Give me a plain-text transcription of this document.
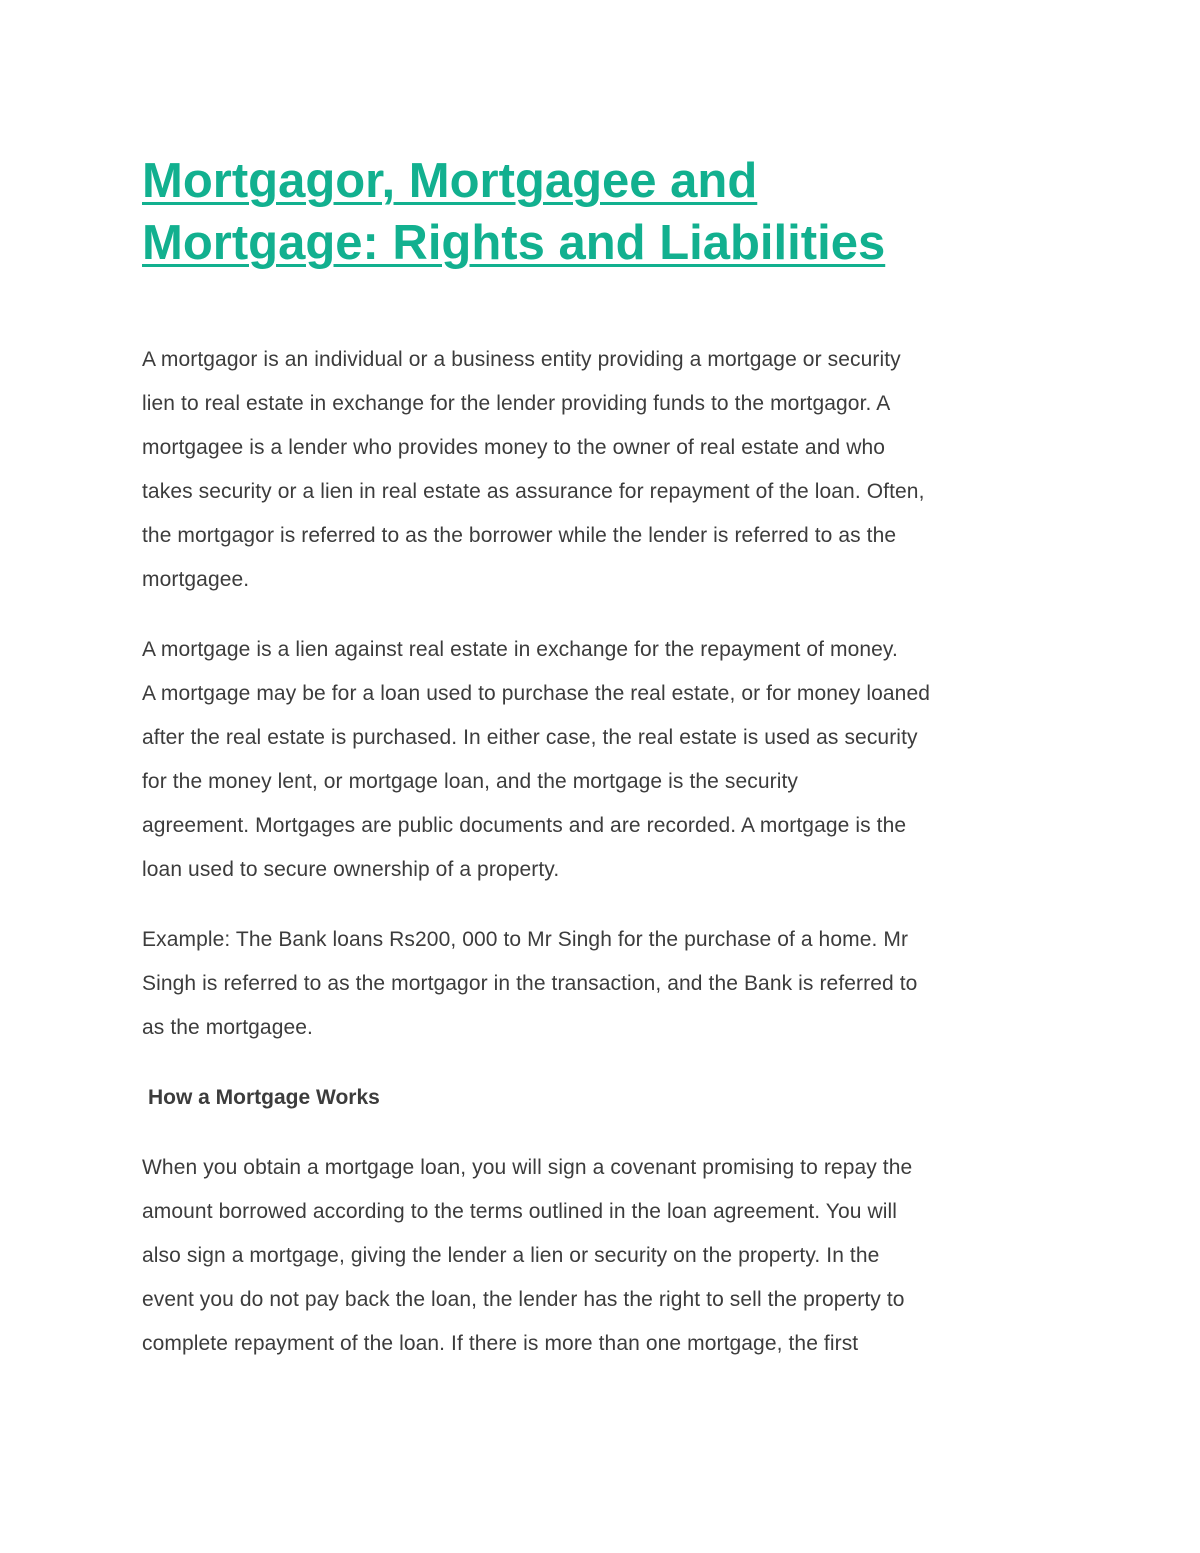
Mortgagor, Mortgagee and
Mortgage: Rights and Liabilities

A mortgagor is an individual or a business entity providing a mortgage or security
lien to real estate in exchange for the lender providing funds to the mortgagor. A
mortgagee is a lender who provides money to the owner of real estate and who
takes security or a lien in real estate as assurance for repayment of the loan. Often,
the mortgagor is referred to as the borrower while the lender is referred to as the
mortgagee.

A mortgage is a lien against real estate in exchange for the repayment of money.
A mortgage may be for a loan used to purchase the real estate, or for money loaned
after the real estate is purchased. In either case, the real estate is used as security
for the money lent, or mortgage loan, and the mortgage is the security
agreement. Mortgages are public documents and are recorded. A mortgage is the
loan used to secure ownership of a property.

Example: The Bank loans Rs200, 000 to Mr Singh for the purchase of a home. Mr
Singh is referred to as the mortgagor in the transaction, and the Bank is referred to
as the mortgagee.

How a Mortgage Works

When you obtain a mortgage loan, you will sign a covenant promising to repay the
amount borrowed according to the terms outlined in the loan agreement. You will
also sign a mortgage, giving the lender a lien or security on the property. In the
event you do not pay back the loan, the lender has the right to sell the property to
complete repayment of the loan. If there is more than one mortgage, the first
